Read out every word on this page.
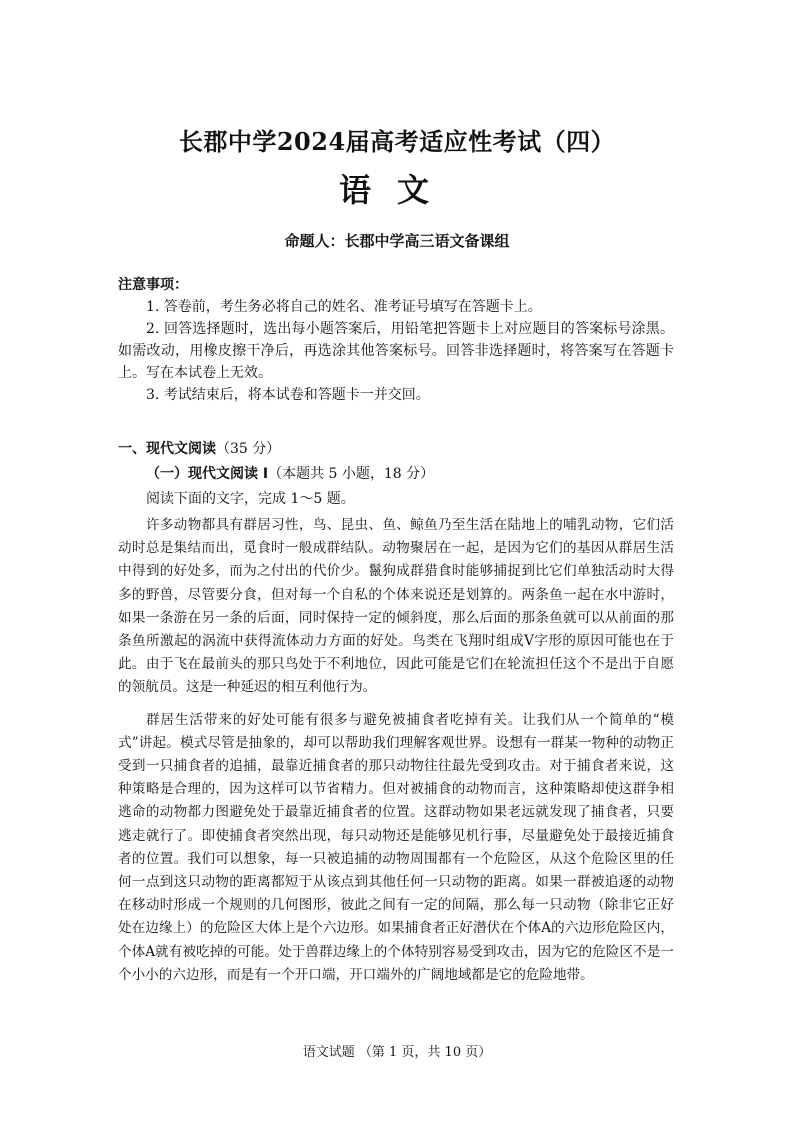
长郡中学2024届高考适应性考试（四）
语文
命题人：长郡中学高三语文备课组
注意事项：
1. 答卷前，考生务必将自己的姓名、准考证号填写在答题卡上。
2. 回答选择题时，选出每小题答案后，用铅笔把答题卡上对应题目的答案标号涂黑。如需改动，用橡皮擦干净后，再选涂其他答案标号。回答非选择题时，将答案写在答题卡上。写在本试卷上无效。
3. 考试结束后，将本试卷和答题卡一并交回。
一、现代文阅读（35 分）
（一）现代文阅读 I（本题共 5 小题，18 分）
阅读下面的文字，完成 1～5 题。

许多动物都具有群居习性，鸟、昆虫、鱼、鲸鱼乃至生活在陆地上的哺乳动物，它们活动时总是集结而出，觅食时一般成群结队。动物聚居在一起，是因为它们的基因从群居生活中得到的好处多，而为之付出的代价少。鬣狗成群猎食时能够捕捉到比它们单独活动时大得多的野兽，尽管要分食，但对每一个自私的个体来说还是划算的。两条鱼一起在水中游时，如果一条游在另一条的后面，同时保持一定的倾斜度，那么后面的那条鱼就可以从前面的那条鱼所激起的涡流中获得流体动力方面的好处。鸟类在飞翔时组成V字形的原因可能也在于此。由于飞在最前头的那只鸟处于不利地位，因此可能是它们在轮流担任这个不是出于自愿的领航员。这是一种延迟的相互利他行为。

群居生活带来的好处可能有很多与避免被捕食者吃掉有关。让我们从一个简单的“模式”讲起。模式尽管是抽象的，却可以帮助我们理解客观世界。设想有一群某一物种的动物正受到一只捕食者的追捕，最靠近捕食者的那只动物往往最先受到攻击。对于捕食者来说，这种策略是合理的，因为这样可以节省精力。但对被捕食的动物而言，这种策略却使这群争相逃命的动物都力图避免处于最靠近捕食者的位置。这群动物如果老远就发现了捕食者，只要逃走就行了。即使捕食者突然出现，每只动物还是能够见机行事，尽量避免处于最接近捕食者的位置。我们可以想象，每一只被追捕的动物周围都有一个危险区，从这个危险区里的任何一点到这只动物的距离都短于从该点到其他任何一只动物的距离。如果一群被追逐的动物在移动时形成一个规则的几何图形，彼此之间有一定的间隔，那么每一只动物（除非它正好处在边缘上）的危险区大体上是个六边形。如果捕食者正好潜伏在个体A的六边形危险区内，个体A就有被吃掉的可能。处于兽群边缘上的个体特别容易受到攻击，因为它的危险区不是一个小小的六边形，而是有一个开口端，开口端外的广阔地域都是它的危险地带。

语文试题 （第 1 页，共 10 页）
